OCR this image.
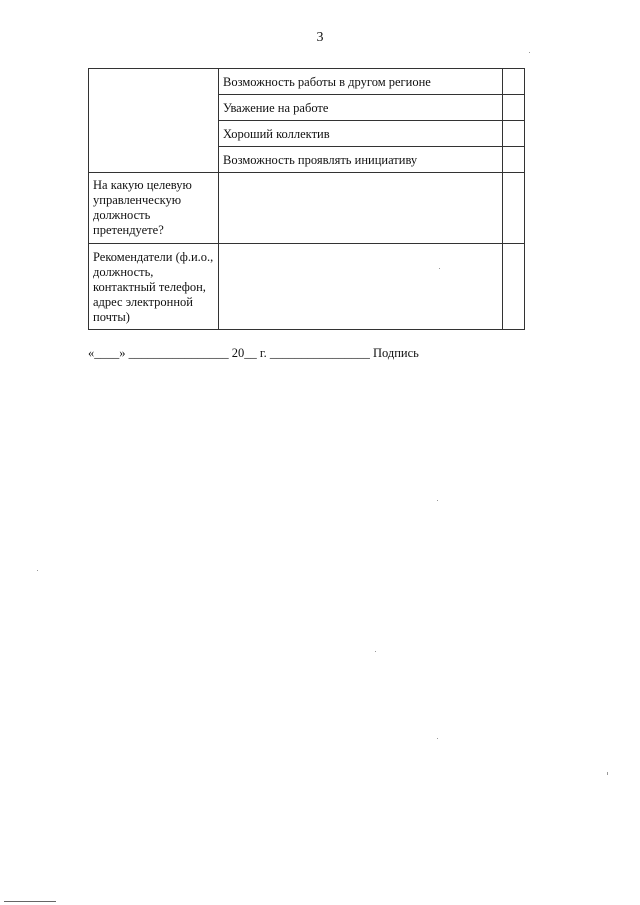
3
	Возможность работы в другом регионе	
	Уважение на работе	
	Хороший коллектив	
	Возможность проявлять инициативу	
На какую целевую управленческую должность претендуете?		
Рекомендатели (ф.и.о., должность, контактный телефон, адрес электронной почты)		
«____» ________________ 20__ г. ________________ Подпись
